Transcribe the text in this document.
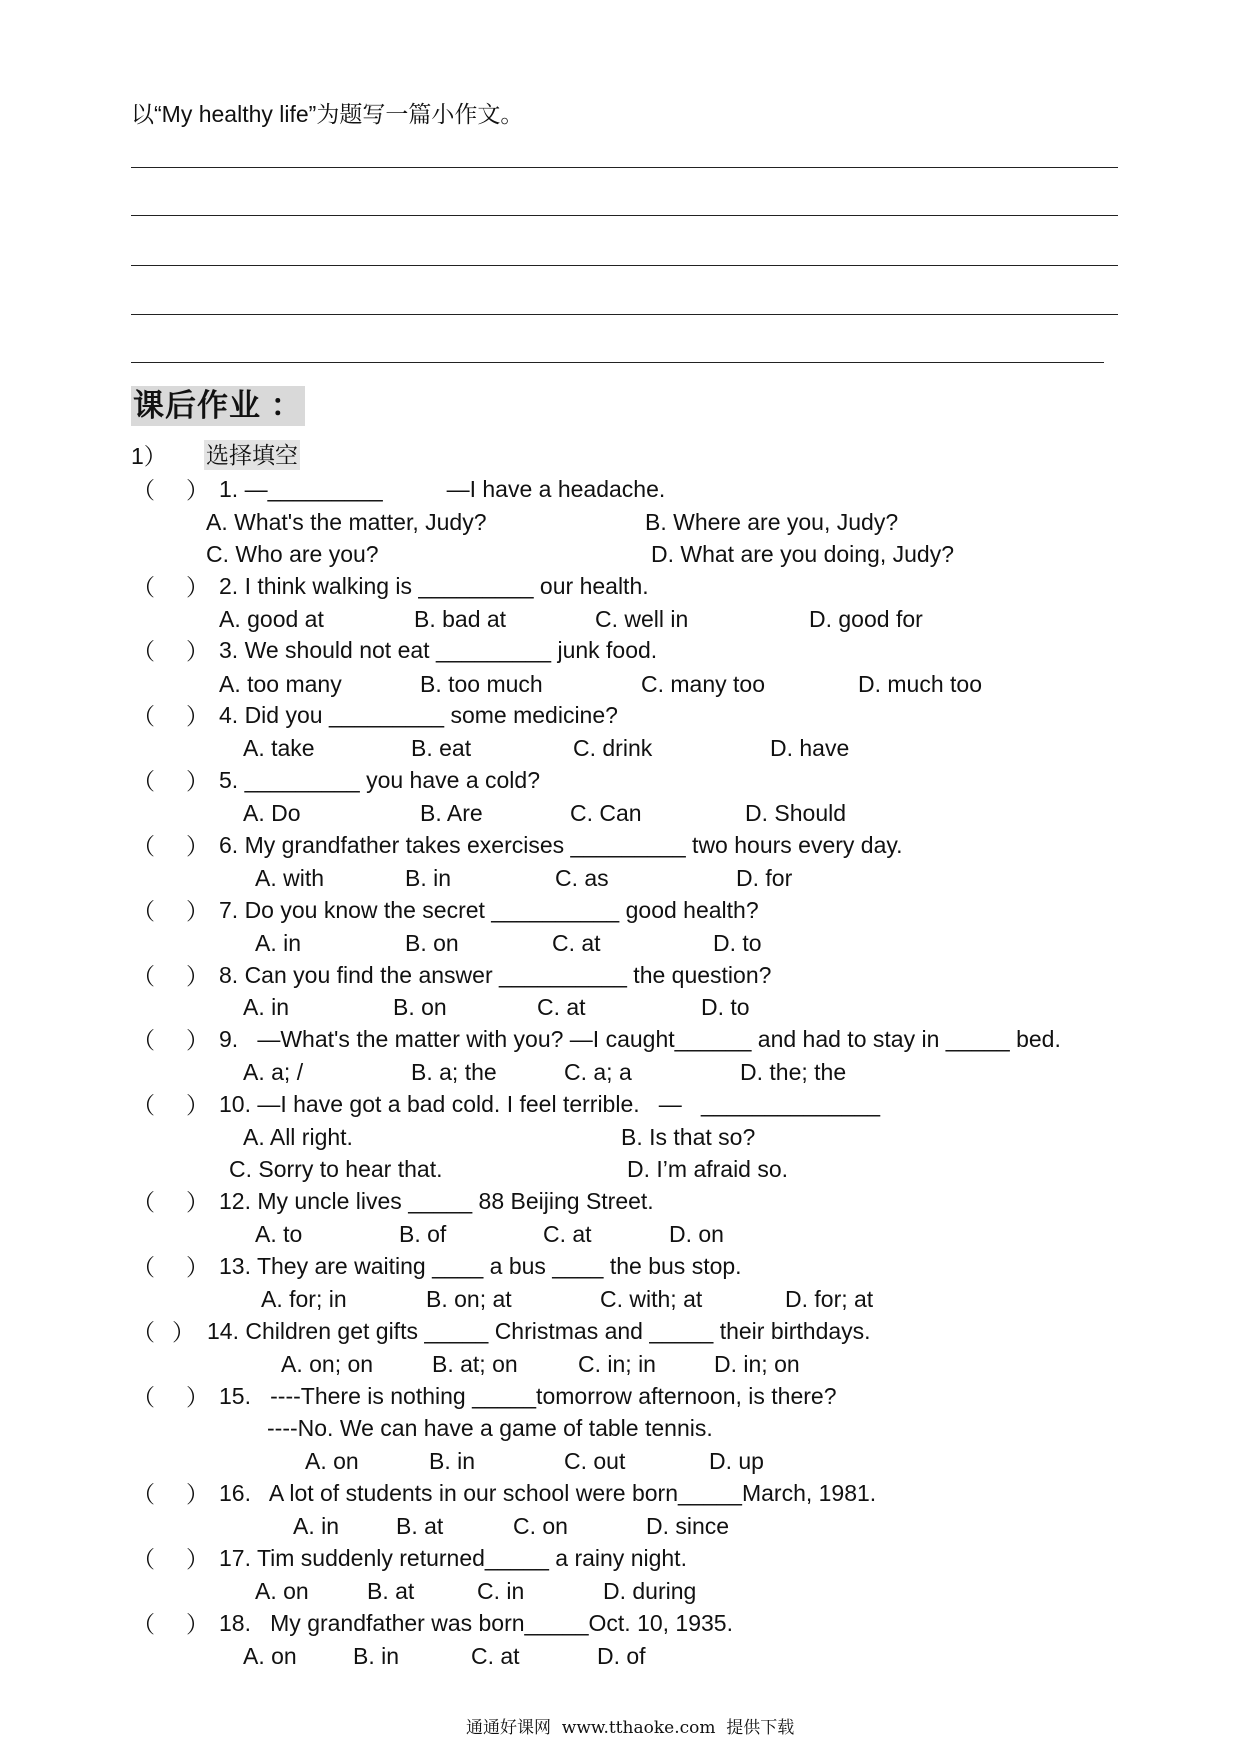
以“My healthy life”为题写一篇小作文。
课后作业 ：
1） 选择填空
（ ） 1. —_________          —I have a headache.
A. What's the matter, Judy?	B. Where are you, Judy?
C. Who are you?	D. What are you doing, Judy?
（ ） 2. I think walking is _________ our health.
A. good at	B. bad at	C. well in	D. good for
（ ） 3. We should not eat _________ junk food.
A. too many	B. too much	C. many too	D. much too
（ ） 4. Did you _________ some medicine?
A. take	B. eat	C. drink	D. have
（ ） 5. _________ you have a cold?
A. Do	B. Are	C. Can	D. Should
（ ） 6. My grandfather takes exercises _________ two hours every day.
A. with	B. in	C. as	D. for
（ ） 7. Do you know the secret __________ good health?
A. in	B. on	C. at	D. to
（ ） 8. Can you find the answer __________ the question?
A. in	B. on	C. at	D. to
（ ） 9.   —What's the matter with you? —I caught______ and had to stay in _____ bed.
A. a; /	B. a; the	C. a; a	D. the; the
（ ） 10. —I have got a bad cold. I feel terrible.   —   ______________
A. All right.	B. Is that so?
C. Sorry to hear that.	D. I’m afraid so.
（ ） 12. My uncle lives _____ 88 Beijing Street.
A. to	B. of	C. at	D. on
（ ） 13. They are waiting ____ a bus ____ the bus stop.
A. for; in	B. on; at	C. with; at	D. for; at
（ ） 14. Children get gifts _____ Christmas and _____ their birthdays.
A. on; on	B. at; on	C. in; in	D. in; on
（ ） 15.   ----There is nothing _____tomorrow afternoon, is there?
----No. We can have a game of table tennis.
A. on	B. in	C. out	D. up
（ ） 16.   A lot of students in our school were born_____March, 1981.
A. in B. at	C. on	D. since
（ ） 17. Tim suddenly returned_____ a rainy night.
A. on	B. at	C. in	D. during
（ ） 18.   My grandfather was born_____Oct. 10, 1935.
A. on B. in	C. at	D. of
通通好课网  www.tthaoke.com  提供下载
